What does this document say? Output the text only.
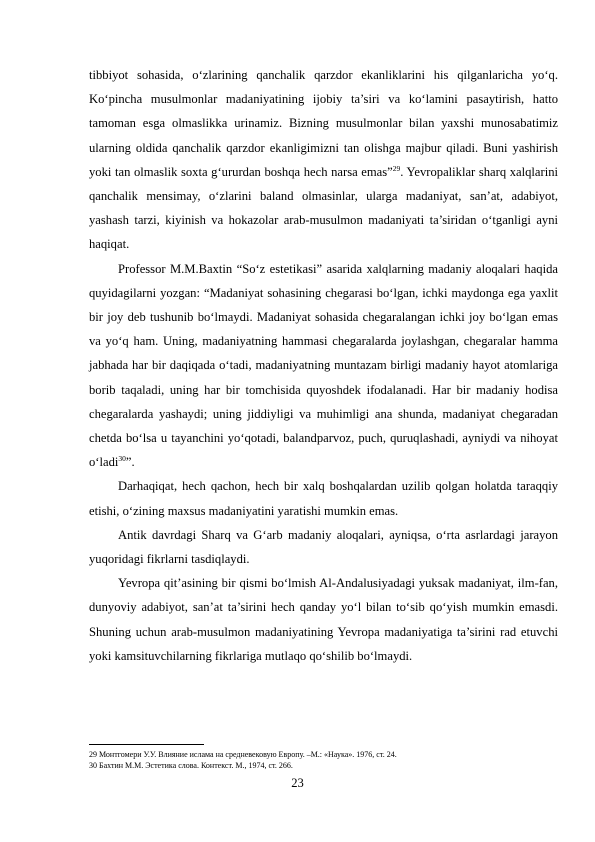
tibbiyot sohasida, o‘zlarining qanchalik qarzdor ekanliklarini his qilganlaricha yo‘q. Ko‘pincha musulmonlar madaniyatining ijobiy ta’siri va ko‘lamini pasaytirish, hatto tamoman esga olmaslikka urinamiz. Bizning musulmonlar bilan yaxshi munosabatimiz ularning oldida qanchalik qarzdor ekanligimizni tan olishga majbur qiladi. Buni yashirish yoki tan olmaslik soxta g‘ururdan boshqa hech narsa emas”$^{29}$. Yevropaliklar sharq xalqlarini qanchalik mensimay, o‘zlarini baland olmasinlar, ularga madaniyat, san’at, adabiyot, yashash tarzi, kiyinish va hokazolar arab-musulmon madaniyati ta’siridan o‘tganligi ayni haqiqat.

Professor M.M.Baxtin “So‘z estetikasi” asarida xalqlarning madaniy aloqalari haqida quyidagilarni yozgan: “Madaniyat sohasining chegarasi bo‘lgan, ichki maydonga ega yaxlit bir joy deb tushunib bo‘lmaydi. Madaniyat sohasida chegaralangan ichki joy bo‘lgan emas va yo‘q ham. Uning, madaniyatning hammasi chegaralarda joylashgan, chegaralar hamma jabhada har bir daqiqada o‘tadi, madaniyatning muntazam birligi madaniy hayot atomlariga borib taqaladi, uning har bir tomchisida quyoshdek ifodalanadi. Har bir madaniy hodisa chegaralarda yashaydi; uning jiddiyligi va muhimligi ana shunda, madaniyat chegaradan chetda bo‘lsa u tayanchini yo‘qotadi, balandparvoz, puch, quruqlashadi, ayniydi va nihoyat o‘ladi$^{30}$”.

Darhaqiqat, hech qachon, hech bir xalq boshqalardan uzilib qolgan holatda taraqqiy etishi, o‘zining maxsus madaniyatini yaratishi mumkin emas.

Antik davrdagi Sharq va G‘arb madaniy aloqalari, ayniqsa, o‘rta asrlardagi jarayon yuqoridagi fikrlarni tasdiqlaydi.

Yevropa qit’asining bir qismi bo‘lmish Al-Andalusiyadagi yuksak madaniyat, ilm-fan, dunyoviy adabiyot, san’at ta’sirini hech qanday yo‘l bilan to‘sib qo‘yish mumkin emasdi. Shuning uchun arab-musulmon madaniyatining Yevropa madaniyatiga ta’sirini rad etuvchi yoki kamsituvchilarning fikrlariga mutlaqo qo‘shilib bo‘lmaydi.

29 Монтгомери У.У. Влияние ислама на средневековую Европу. –М.: «Наука». 1976, ст. 24.
30 Бахтин М.М. Эстетика слова. Контекст. М., 1974, ст. 266.
23
